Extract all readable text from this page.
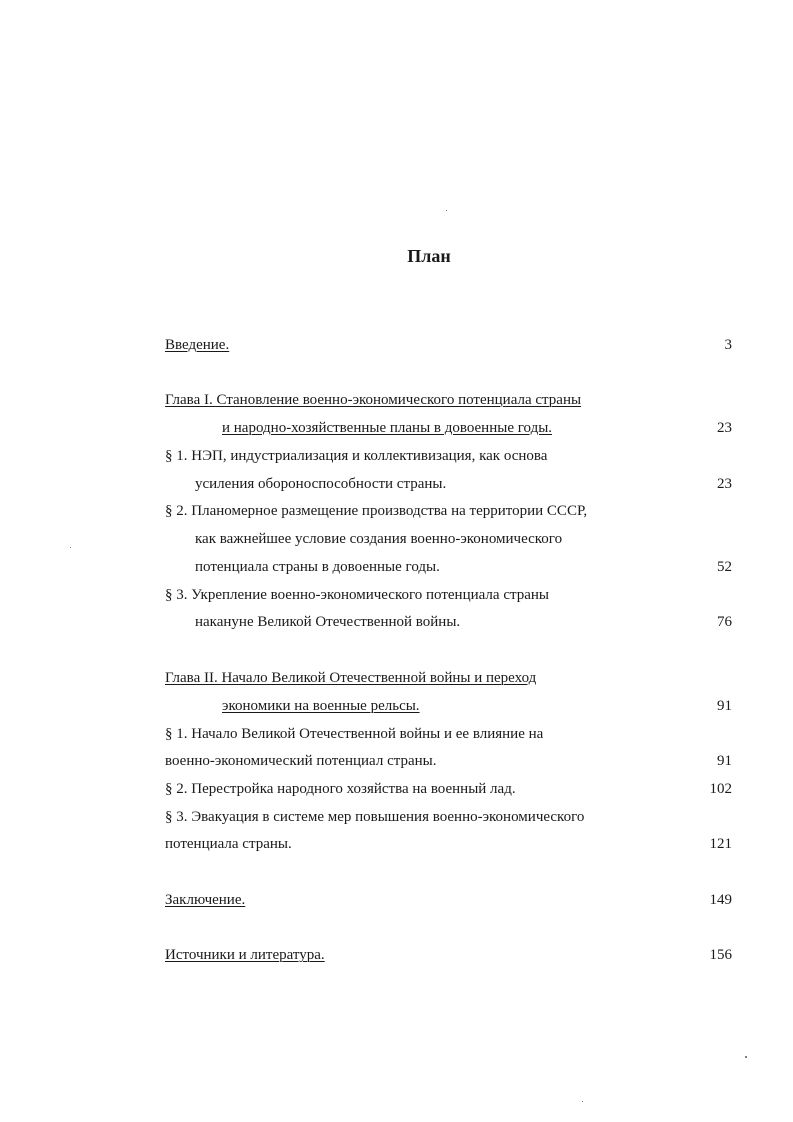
План
Введение.	3
Глава I. Становление военно-экономического потенциала страны
и народно-хозяйственные планы в довоенные годы.	23
§ 1. НЭП, индустриализация и коллективизация, как основа
усиления обороноспособности страны.	23
§ 2. Планомерное размещение производства на территории СССР,
как важнейшее условие создания военно-экономического
потенциала страны в довоенные годы.	52
§ 3. Укрепление военно-экономического потенциала страны
накануне Великой Отечественной войны.	76
Глава II. Начало Великой Отечественной войны и переход
экономики на военные рельсы.	91
§ 1. Начало Великой Отечественной войны и ее влияние на
военно-экономический потенциал страны.	91
§ 2. Перестройка народного хозяйства на военный лад.	102
§ 3. Эвакуация в системе мер повышения военно-экономического
потенциала страны.	121
Заключение.	149
Источники и литература.	156
